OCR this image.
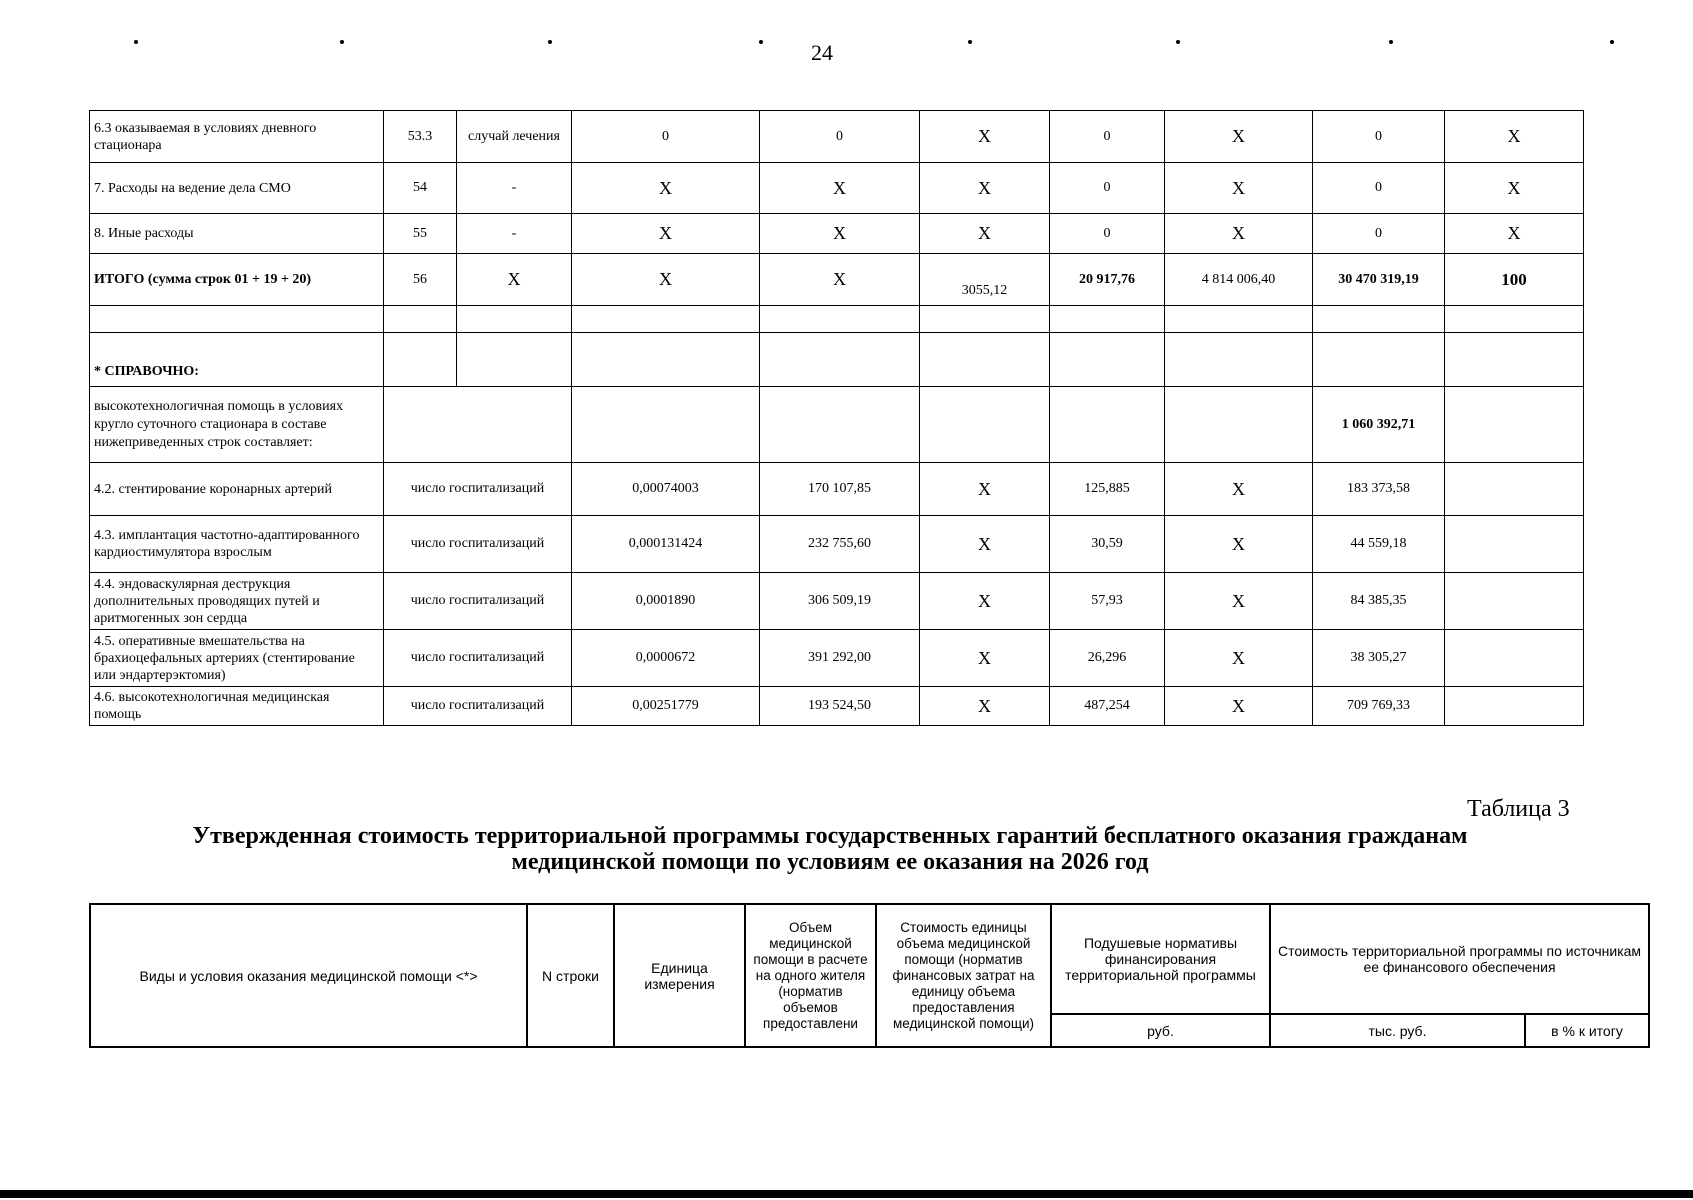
24
6.3 оказываемая в условиях дневного стационара	53.3	случай лечения	0	0	X	0	X	0	X
7. Расходы на ведение дела СМО	54	-	X	X	X	0	X	0	X
8. Иные расходы	55	-	X	X	X	0	X	0	X
ИТОГО (сумма строк 01 + 19 + 20)	56	X	X	X	3055,12	20 917,76	4 814 006,40	30 470 319,19	100

* СПРАВОЧНО:									
высокотехнологичная помощь в условиях кругло суточного стационара в составе нижеприведенных строк составляет:								1 060 392,71	
4.2. стентирование коронарных артерий	число госпитализаций		0,00074003	170 107,85	X	125,885	X	183 373,58	
4.3. имплантация частотно-адаптированного кардиостимулятора взрослым	число госпитализаций		0,000131424	232 755,60	X	30,59	X	44 559,18	
4.4. эндоваскулярная деструкция дополнительных проводящих путей и аритмогенных зон сердца	число госпитализаций		0,0001890	306 509,19	X	57,93	X	84 385,35	
4.5. оперативные вмешательства на брахиоцефальных артериях (стентирование или эндартерэктомия)	число госпитализаций		0,0000672	391 292,00	X	26,296	X	38 305,27	
4.6. высокотехнологичная медицинская помощь	число госпитализаций		0,00251779	193 524,50	X	487,254	X	709 769,33	
Таблица 3
Утвержденная стоимость территориальной программы государственных гарантий бесплатного оказания гражданам медицинской помощи по условиям ее оказания на 2026 год
Виды и условия оказания медицинской помощи <*>	N строки	Единица измерения	Объем медицинской помощи в расчете на одного жителя (норматив объемов предоставлени	Стоимость единицы объема медицинской помощи (норматив финансовых затрат на единицу объема предоставления медицинской помощи)	Подушевые нормативы финансирования территориальной программы	Стоимость территориальной программы по источникам ее финансового обеспечения	
					руб.	тыс. руб.	в % к итогу
